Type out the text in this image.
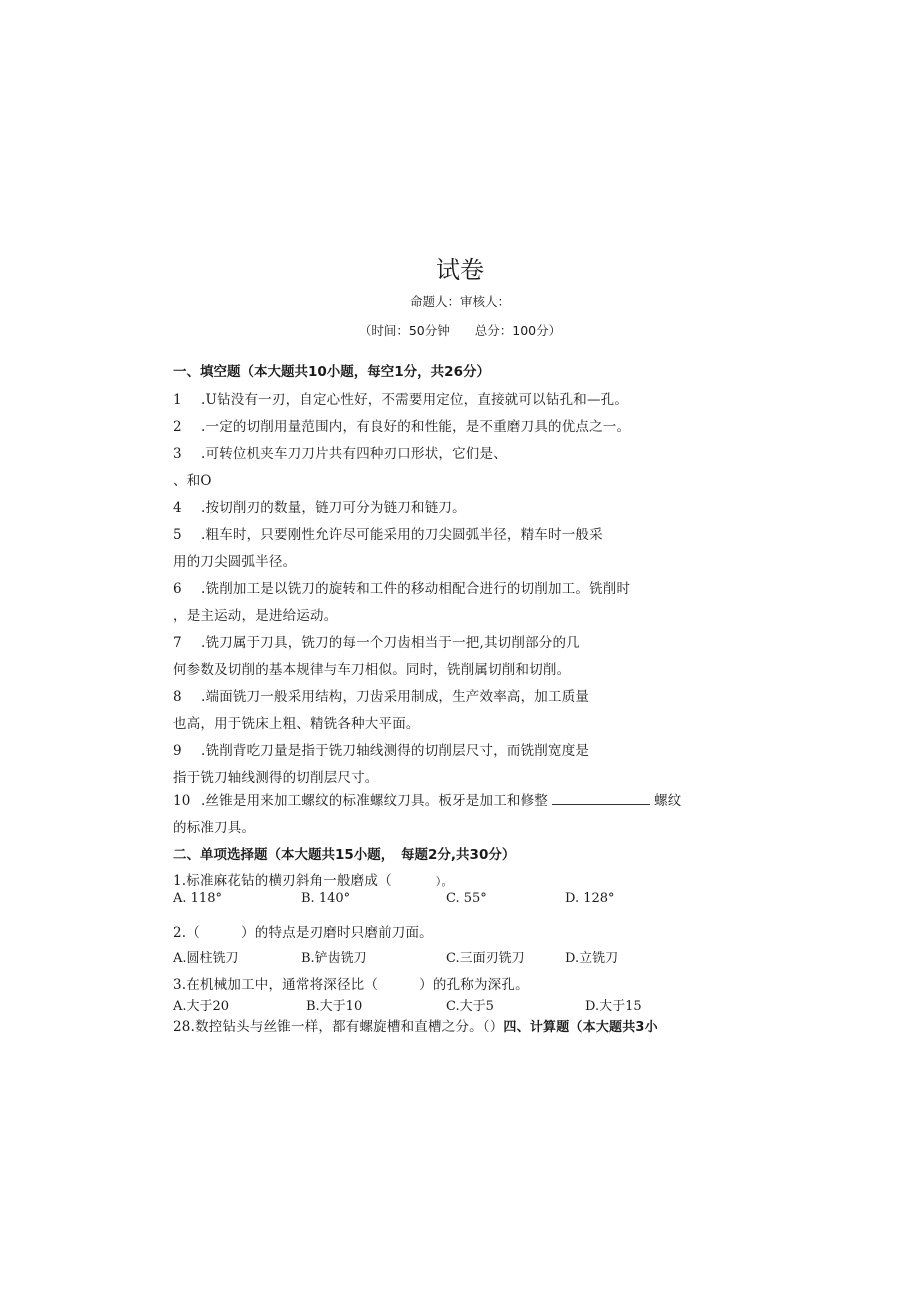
试卷
命题人：审核人：
（时间：50分钟　　总分：100分）
一、填空题（本大题共10小题，每空1分，共26分）
1 .U钻没有一刃，自定心性好，不需要用定位，直接就可以钻孔和—孔。
2 .一定的切削用量范围内，有良好的和性能，是不重磨刀具的优点之一。
3 .可转位机夹车刀刀片共有四种刃口形状，它们是、
、和O
4 .按切削刃的数量，链刀可分为链刀和链刀。
5 .粗车时，只要刚性允许尽可能采用的刀尖圆弧半径，精车时一般采
用的刀尖圆弧半径。
6 .铣削加工是以铣刀的旋转和工件的移动相配合进行的切削加工。铣削时
，是主运动，是进给运动。
7 .铣刀属于刀具，铣刀的每一个刀齿相当于一把,其切削部分的几
何参数及切削的基本规律与车刀相似。同时，铣削属切削和切削。
8 .端面铣刀一般采用结构，刀齿采用制成，生产效率高，加工质量
也高，用于铣床上粗、精铣各种大平面。
9 .铣削背吃刀量是指于铣刀轴线测得的切削层尺寸，而铣削宽度是
指于铣刀轴线测得的切削层尺寸。
10 .丝锥是用来加工螺纹的标准螺纹刀具。板牙是加工和修整	螺纹
的标准刀具。
二、单项选择题（本大题共15小题，　每题2分,共30分）
1.标准麻花钻的横刃斜角一般磨成（	）。
A. 118°	B. 140°	C. 55°	D. 128°
2.（　　　）的特点是刃磨时只磨前刀面。
A.圆柱铣刀	B.铲齿铣刀	C.三面刃铣刀	D.立铣刀
3.在机械加工中，通常将深径比（　　　）的孔称为深孔。
A.大于20	B.大于10	C.大于5	D.大于15
28.数控钻头与丝锥一样，都有螺旋槽和直槽之分。（）四、计算题（本大题共3小
